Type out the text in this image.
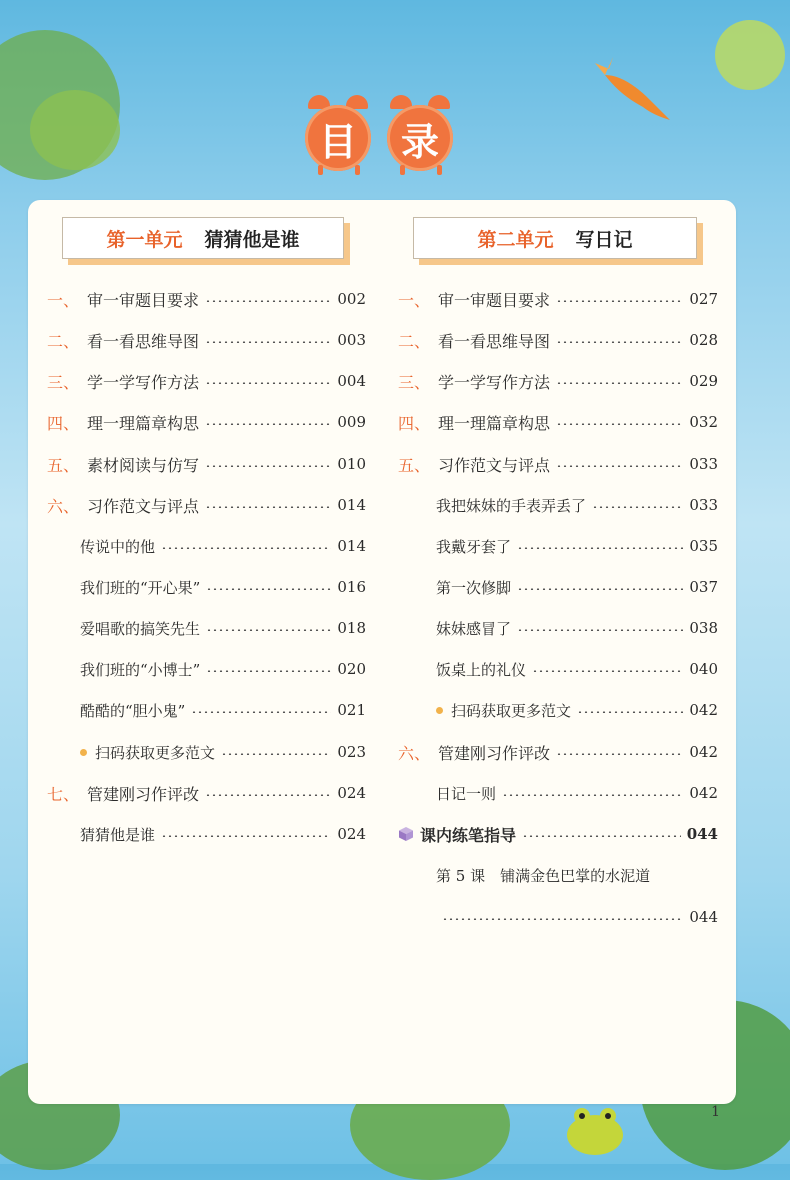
目	录
第一单元 猜猜他是谁	第二单元 写日记
一、 审一审题目要求	002
二、 看一看思维导图	003
三、 学一学写作方法	004
四、 理一理篇章构思	009
五、 素材阅读与仿写	010
六、 习作范文与评点	014
传说中的他	014
我们班的“开心果”	016
爱唱歌的搞笑先生	018
我们班的“小博士”	020
酷酷的“胆小鬼”	021
扫码获取更多范文	023
七、 管建刚习作评改	024
猜猜他是谁	024
一、 审一审题目要求	027
二、 看一看思维导图	028
三、 学一学写作方法	029
四、 理一理篇章构思	032
五、 习作范文与评点	033
我把妹妹的手表弄丢了	033
我戴牙套了	035
第一次修脚	037
妹妹感冒了	038
饭桌上的礼仪	040
扫码获取更多范文	042
六、 管建刚习作评改	042
日记一则	042
课内练笔指导	044
第 5 课　铺满金色巴掌的水泥道
044
1
